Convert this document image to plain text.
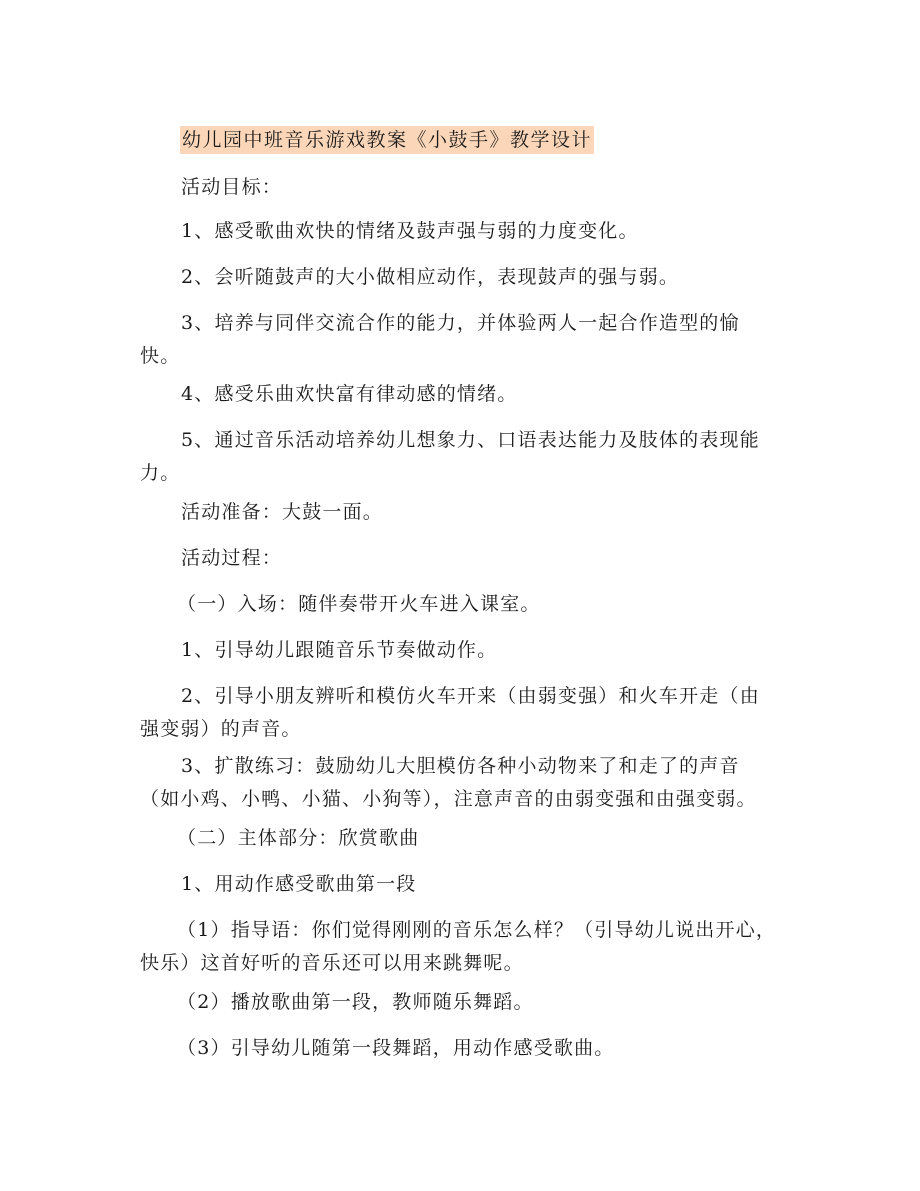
幼儿园中班音乐游戏教案《小鼓手》教学设计
活动目标：
1、感受歌曲欢快的情绪及鼓声强与弱的力度变化。
2、会听随鼓声的大小做相应动作，表现鼓声的强与弱。
3、培养与同伴交流合作的能力，并体验两人一起合作造型的愉快。
4、感受乐曲欢快富有律动感的情绪。
5、通过音乐活动培养幼儿想象力、口语表达能力及肢体的表现能力。
活动准备：大鼓一面。
活动过程：
（一）入场：随伴奏带开火车进入课室。
1、引导幼儿跟随音乐节奏做动作。
2、引导小朋友辨听和模仿火车开来（由弱变强）和火车开走（由强变弱）的声音。
3、扩散练习：鼓励幼儿大胆模仿各种小动物来了和走了的声音（如小鸡、小鸭、小猫、小狗等），注意声音的由弱变强和由强变弱。
（二）主体部分：欣赏歌曲
1、用动作感受歌曲第一段
（1）指导语：你们觉得刚刚的音乐怎么样？（引导幼儿说出开心，快乐）这首好听的音乐还可以用来跳舞呢。
（2）播放歌曲第一段，教师随乐舞蹈。
（3）引导幼儿随第一段舞蹈，用动作感受歌曲。
